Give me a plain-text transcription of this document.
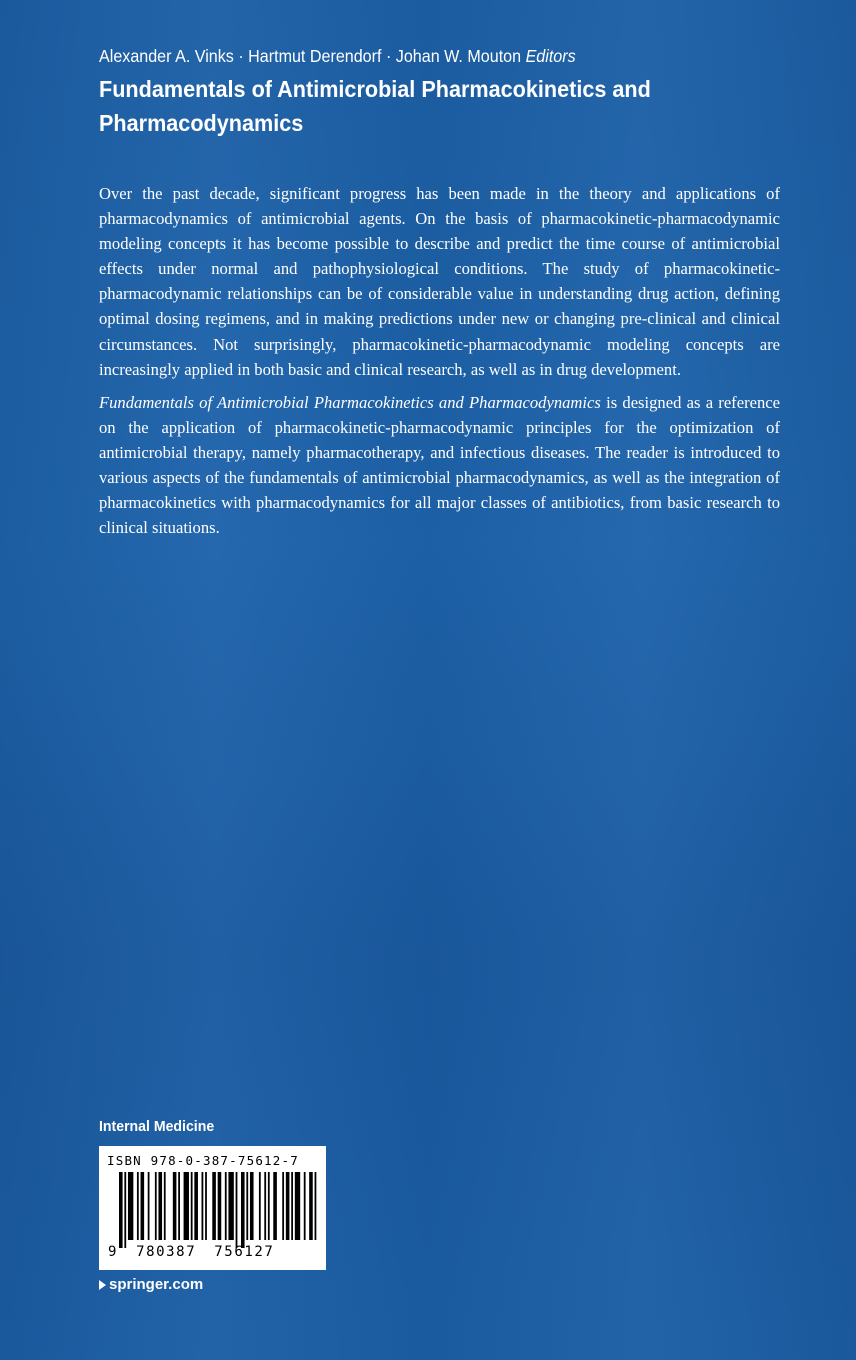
Alexander A. Vinks · Hartmut Derendorf · Johan W. Mouton Editors
Fundamentals of Antimicrobial Pharmacokinetics and Pharmacodynamics

Over the past decade, significant progress has been made in the theory and applications of pharmacodynamics of antimicrobial agents. On the basis of pharmacokinetic-pharmacodynamic modeling concepts it has become possible to describe and predict the time course of antimicrobial effects under normal and pathophysiological conditions. The study of pharmacokinetic-pharmacodynamic relationships can be of considerable value in understanding drug action, defining optimal dosing regimens, and in making predictions under new or changing pre-clinical and clinical circumstances. Not surprisingly, pharmacokinetic-pharmacodynamic modeling concepts are increasingly applied in both basic and clinical research, as well as in drug development.

Fundamentals of Antimicrobial Pharmacokinetics and Pharmacodynamics is designed as a reference on the application of pharmacokinetic-pharmacodynamic principles for the optimization of antimicrobial therapy, namely pharmacotherapy, and infectious diseases. The reader is introduced to various aspects of the fundamentals of antimicrobial pharmacodynamics, as well as the integration of pharmacokinetics with pharmacodynamics for all major classes of antibiotics, from basic research to clinical situations.

Internal Medicine
ISBN 978-0-387-75612-7
9 780387 756127
springer.com
